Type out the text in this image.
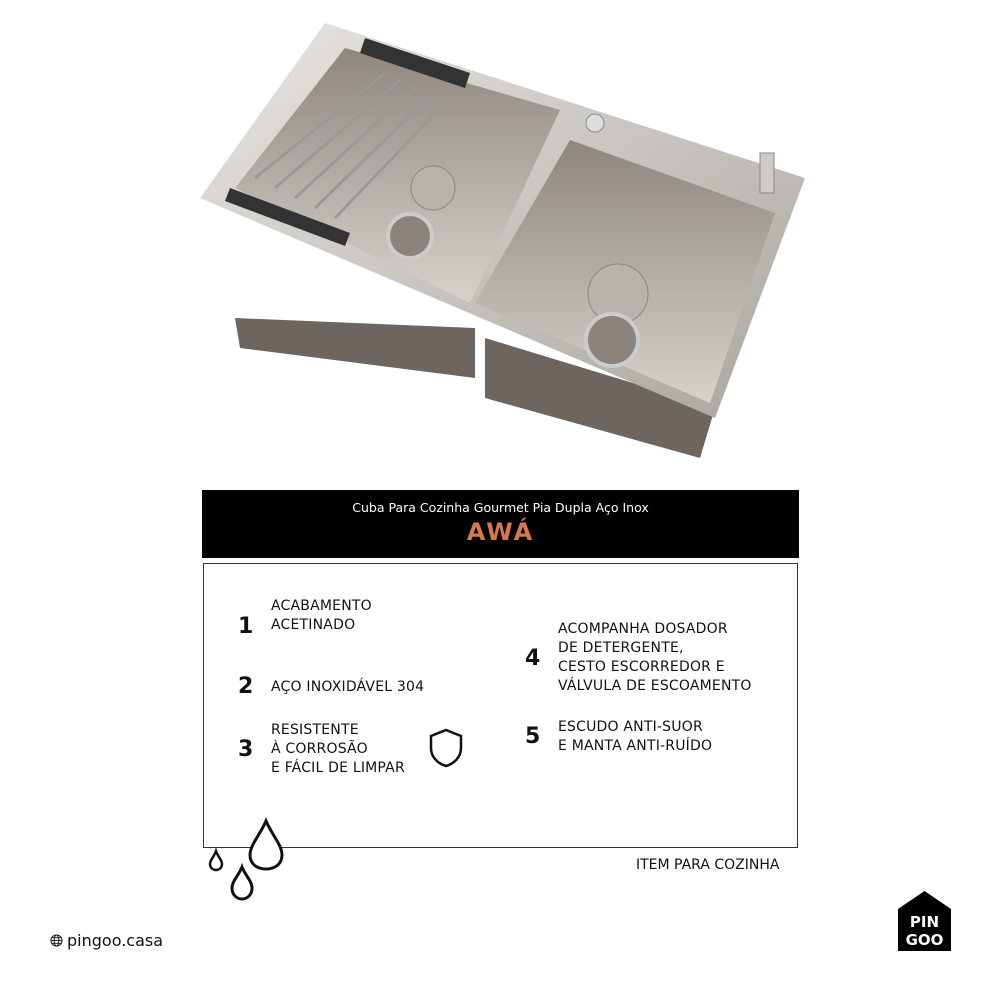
Cuba Para Cozinha Gourmet Pia Dupla Aço Inox
AWÁ
1
ACABAMENTO
ACETINADO
2 AÇO INOXIDÁVEL 304
3
RESISTENTE
À CORROSÃO
E FÁCIL DE LIMPAR
4
ACOMPANHA DOSADOR
DE DETERGENTE,
CESTO ESCORREDOR E
VÁLVULA DE ESCOAMENTO
5 ESCUDO ANTI-SUOR
E MANTA ANTI-RUÍDO
ITEM PARA COZINHA
pingoo.casa
PIN
GOO
